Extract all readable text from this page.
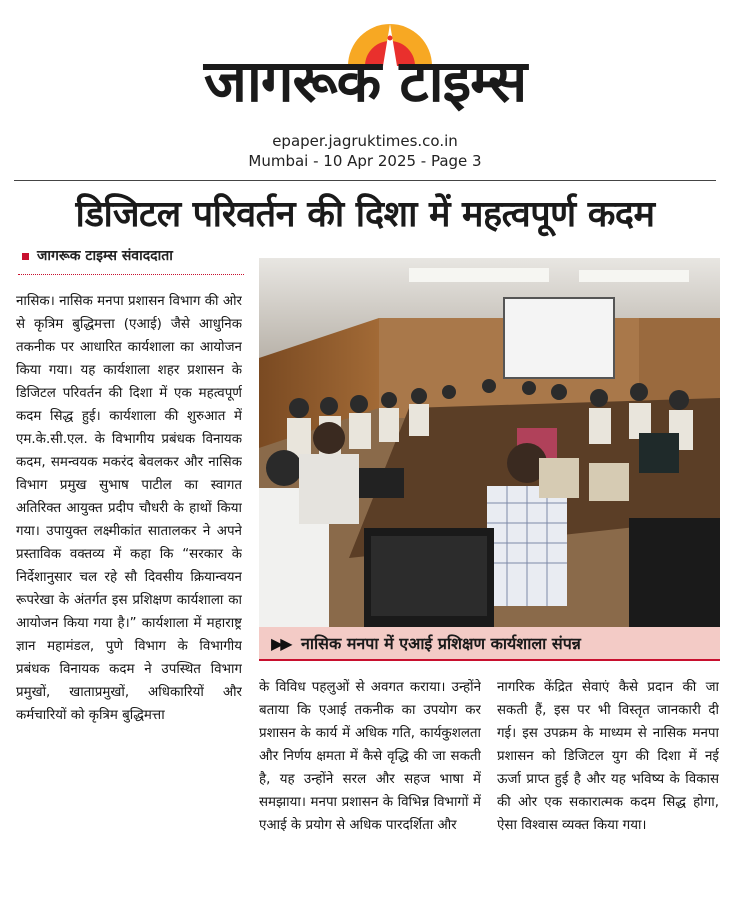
जागरूक टाइम्स
epaper.jagruktimes.co.in
Mumbai - 10 Apr 2025 - Page 3
डिजिटल परिवर्तन की दिशा में महत्वपूर्ण कदम
जागरूक टाइम्स संवाददाता
नासिक। नासिक मनपा प्रशासन विभाग की ओर से कृत्रिम बुद्धिमत्ता (एआई) जैसे आधुनिक तकनीक पर आधारित कार्यशाला का आयोजन किया गया। यह कार्यशाला शहर प्रशासन के डिजिटल परिवर्तन की दिशा में एक महत्वपूर्ण कदम सिद्ध हुई। कार्यशाला की शुरुआत में एम.के.सी.एल. के विभागीय प्रबंधक विनायक कदम, समन्वयक मकरंद बेवलकर और नासिक विभाग प्रमुख सुभाष पाटील का स्वागत अतिरिक्त आयुक्त प्रदीप चौधरी के हाथों किया गया। उपायुक्त लक्ष्मीकांत सातालकर ने अपने प्रस्ताविक वक्तव्य में कहा कि “सरकार के निर्देशानुसार चल रहे सौ दिवसीय क्रियान्वयन रूपरेखा के अंतर्गत इस प्रशिक्षण कार्यशाला का आयोजन किया गया है।” कार्यशाला में महाराष्ट्र ज्ञान महामंडल, पुणे विभाग के विभागीय प्रबंधक विनायक कदम ने उपस्थित विभाग प्रमुखों, खाताप्रमुखों, अधिकारियों और कर्मचारियों को कृत्रिम बुद्धिमत्ता
▶▶ नासिक मनपा में एआई प्रशिक्षण कार्यशाला संपन्न
के विविध पहलुओं से अवगत कराया। उन्होंने बताया कि एआई तकनीक का उपयोग कर प्रशासन के कार्य में अधिक गति, कार्यकुशलता और निर्णय क्षमता में कैसे वृद्धि की जा सकती है, यह उन्होंने सरल और सहज भाषा में समझाया। मनपा प्रशासन के विभिन्न विभागों में एआई के प्रयोग से अधिक पारदर्शिता और
नागरिक केंद्रित सेवाएं कैसे प्रदान की जा सकती हैं, इस पर भी विस्तृत जानकारी दी गई। इस उपक्रम के माध्यम से नासिक मनपा प्रशासन को डिजिटल युग की दिशा में नई ऊर्जा प्राप्त हुई है और यह भविष्य के विकास की ओर एक सकारात्मक कदम सिद्ध होगा, ऐसा विश्वास व्यक्त किया गया।
